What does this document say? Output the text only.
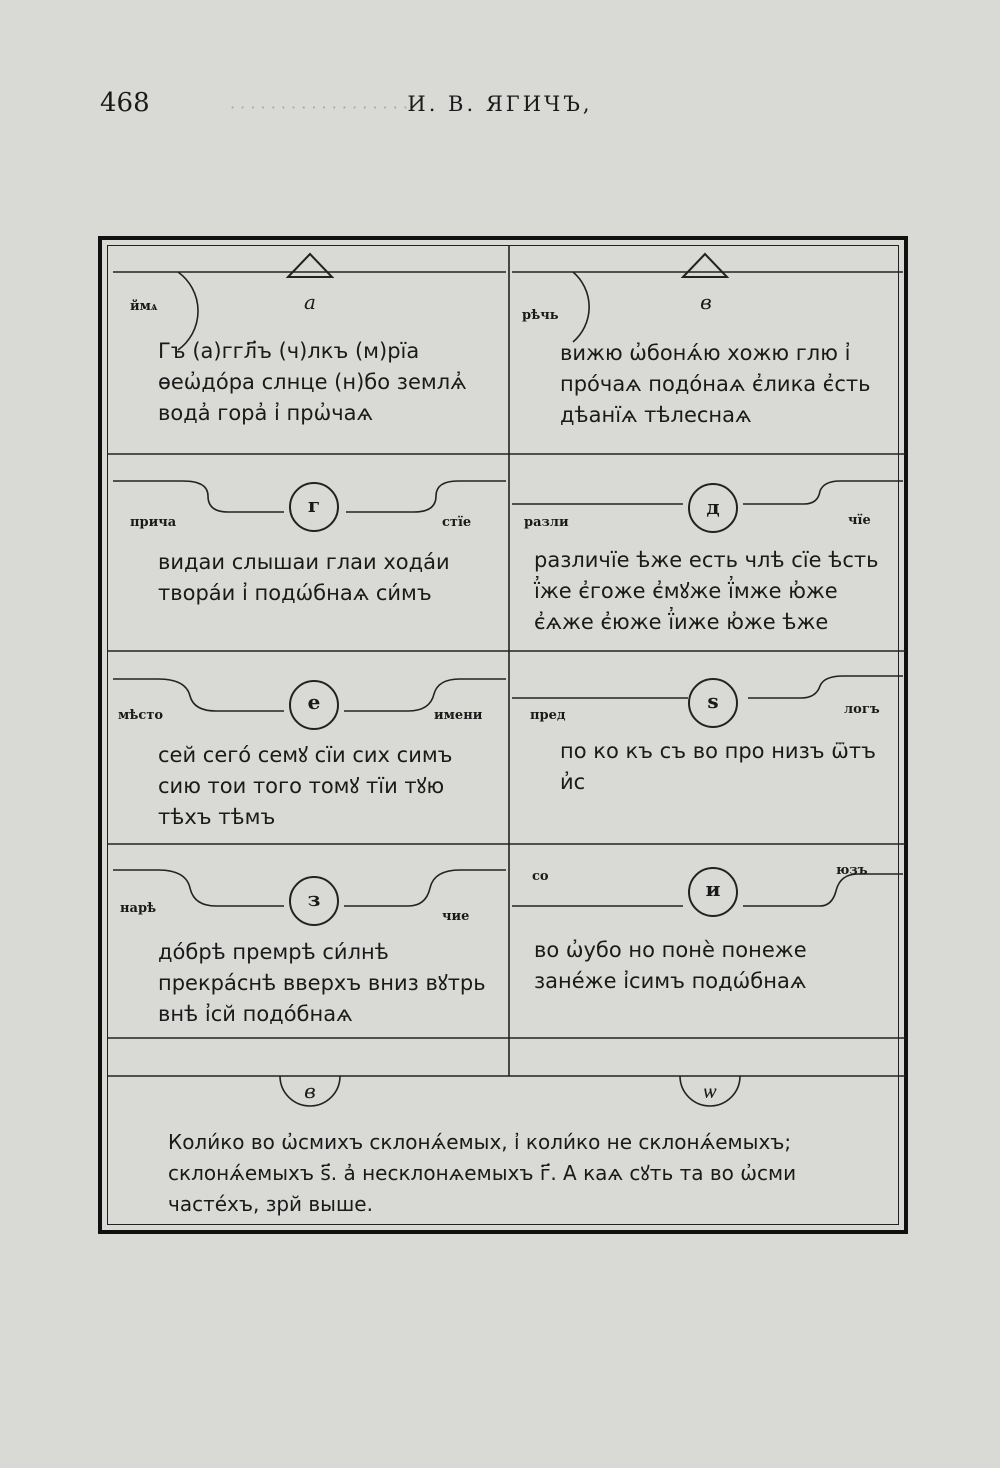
468	И. В. ЯГИЧЪ,
· · · · · · · · · · · · · · · · · ·
а
ймѧ
Гъ (а)ггл҃ъ (ч)лкъ (м)рїа ѳеѡ҆дóра слнце (н)бо землѧ҆ вода҆ гора҆ і҆ прѡ҆чаѧ
в
рѣчь
вижю ѡ҆бонѧ́ю хожю глю і҆ про́чаѧ подо́наѧ є҆лика є҆сть дѣанїѧ тѣлеснаѧ
г
прича	стїе
видаи слышаи глаи хода́и твора́и і҆ подѡ́бнаѧ си́мъ
д
разли	чїе
различїе ѣже есть члѣ сїе ѣсть ї҆же є҆гоже є҆мꙋже ї҆мже ю҆же є҆ѧже є҆юже ї҆иже ю҆же ѣже
е
мѣсто	имени
сей сего́ семꙋ сїи сих симъ сию тои того томꙋ тїи тꙋю тѣхъ тѣмъ
ѕ
пред	логъ
по ко къ съ во про низъ ѿтъ и҆с
з
нарѣ
чие
до́брѣ премрѣ си́лнѣ прекрáснѣ вверхъ вниз вꙋтрь внѣ і҆сй подо́бнаѧ
и
со	юзъ
во ѡ҆убо но понѐ понеже занéже і҆симъ подѡ́бнаѧ
в	ѡ
Коли́ко во ѡ҆смихъ склонѧ́емых, і҆ коли́ко не склонѧ́емыхъ; склонѧ́емыхъ ѕ҃. а҆ несклонѧемыхъ г҃. А каѧ сꙋть та во ѡ҆сми частéхъ, зрй выше.
